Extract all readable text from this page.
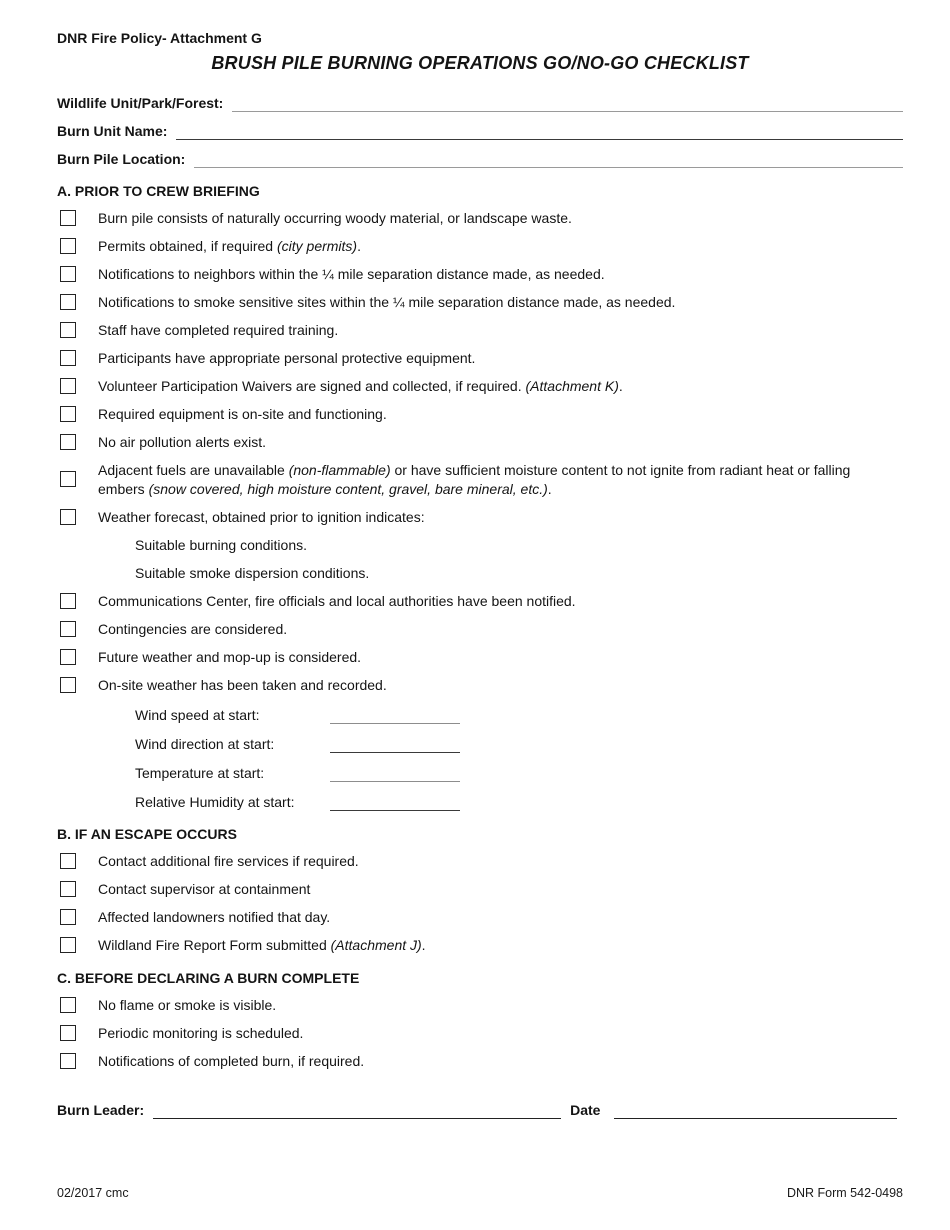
DNR Fire Policy- Attachment G
BRUSH PILE BURNING OPERATIONS GO/NO-GO CHECKLIST
Wildlife Unit/Park/Forest:
Burn Unit Name:
Burn Pile Location:
A. PRIOR TO CREW BRIEFING
Burn pile consists of naturally occurring woody material, or landscape waste.
Permits obtained, if required (city permits).
Notifications to neighbors within the ¼ mile separation distance made, as needed.
Notifications to smoke sensitive sites within the ¼ mile separation distance made, as needed.
Staff have completed required training.
Participants have appropriate personal protective equipment.
Volunteer Participation Waivers are signed and collected, if required. (Attachment K).
Required equipment is on-site and functioning.
No air pollution alerts exist.
Adjacent fuels are unavailable (non-flammable) or have sufficient moisture content to not ignite from radiant heat or falling embers (snow covered, high moisture content, gravel, bare mineral, etc.).
Weather forecast, obtained prior to ignition indicates:
Suitable burning conditions.
Suitable smoke dispersion conditions.
Communications Center, fire officials and local authorities have been notified.
Contingencies are considered.
Future weather and mop-up is considered.
On-site weather has been taken and recorded.
Wind speed at start:
Wind direction at start:
Temperature at start:
Relative Humidity at start:
B. IF AN ESCAPE OCCURS
Contact additional fire services if required.
Contact supervisor at containment
Affected landowners notified that day.
Wildland Fire Report Form submitted (Attachment J).
C. BEFORE DECLARING A BURN COMPLETE
No flame or smoke is visible.
Periodic monitoring is scheduled.
Notifications of completed burn, if required.
Burn Leader:	Date
02/2017 cmc	DNR Form 542-0498
